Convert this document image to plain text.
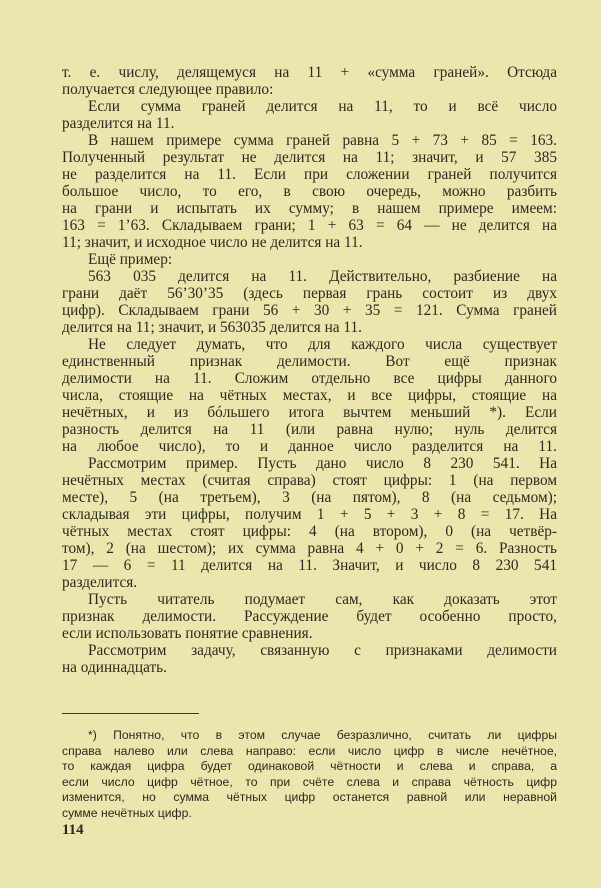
т. е. числу, делящемуся на 11 + «сумма граней». Отсюда
получается следующее правило:
Если сумма граней делится на 11, то и всё число
разделится на 11.
В нашем примере сумма граней равна 5 + 73 + 85 = 163.
Полученный результат не делится на 11; значит, и 57 385
не разделится на 11. Если при сложении граней получится
большое число, то его, в свою очередь, можно разбить
на грани и испытать их сумму; в нашем примере имеем:
163 = 1’63. Складываем грани; 1 + 63 = 64 — не делится на
11; значит, и исходное число не делится на 11.
Ещё пример:
563 035 делится на 11. Действительно, разбиение на
грани даёт 56’30’35 (здесь первая грань состоит из двух
цифр). Складываем грани 56 + 30 + 35 = 121. Сумма граней
делится на 11; значит, и 563035 делится на 11.
Не следует думать, что для каждого числа существует
единственный признак делимости. Вот ещё признак
делимости на 11. Сложим отдельно все цифры данного
числа, стоящие на чётных местах, и все цифры, стоящие на
нечётных, и из бóльшего итога вычтем меньший *). Если
разность делится на 11 (или равна нулю; нуль делится
на любое число), то и данное число разделится на 11.
Рассмотрим пример. Пусть дано число 8 230 541. На
нечётных местах (считая справа) стоят цифры: 1 (на первом
месте), 5 (на третьем), 3 (на пятом), 8 (на седьмом);
складывая эти цифры, получим 1 + 5 + 3 + 8 = 17. На
чётных местах стоят цифры: 4 (на втором), 0 (на четвёр-
том), 2 (на шестом); их сумма равна 4 + 0 + 2 = 6. Разность
17 — 6 = 11 делится на 11. Значит, и число 8 230 541
разделится.
Пусть читатель подумает сам, как доказать этот
признак делимости. Рассуждение будет особенно просто,
если использовать понятие сравнения.
Рассмотрим задачу, связанную с признаками делимости
на одиннадцать.
*) Понятно, что в этом случае безразлично, считать ли цифры
справа налево или слева направо: если число цифр в числе нечётное,
то каждая цифра будет одинаковой чётности и слева и справа, а
если число цифр чётное, то при счёте слева и справа чётность цифр
изменится, но сумма чётных цифр останется равной или неравной
сумме нечётных цифр.
114
